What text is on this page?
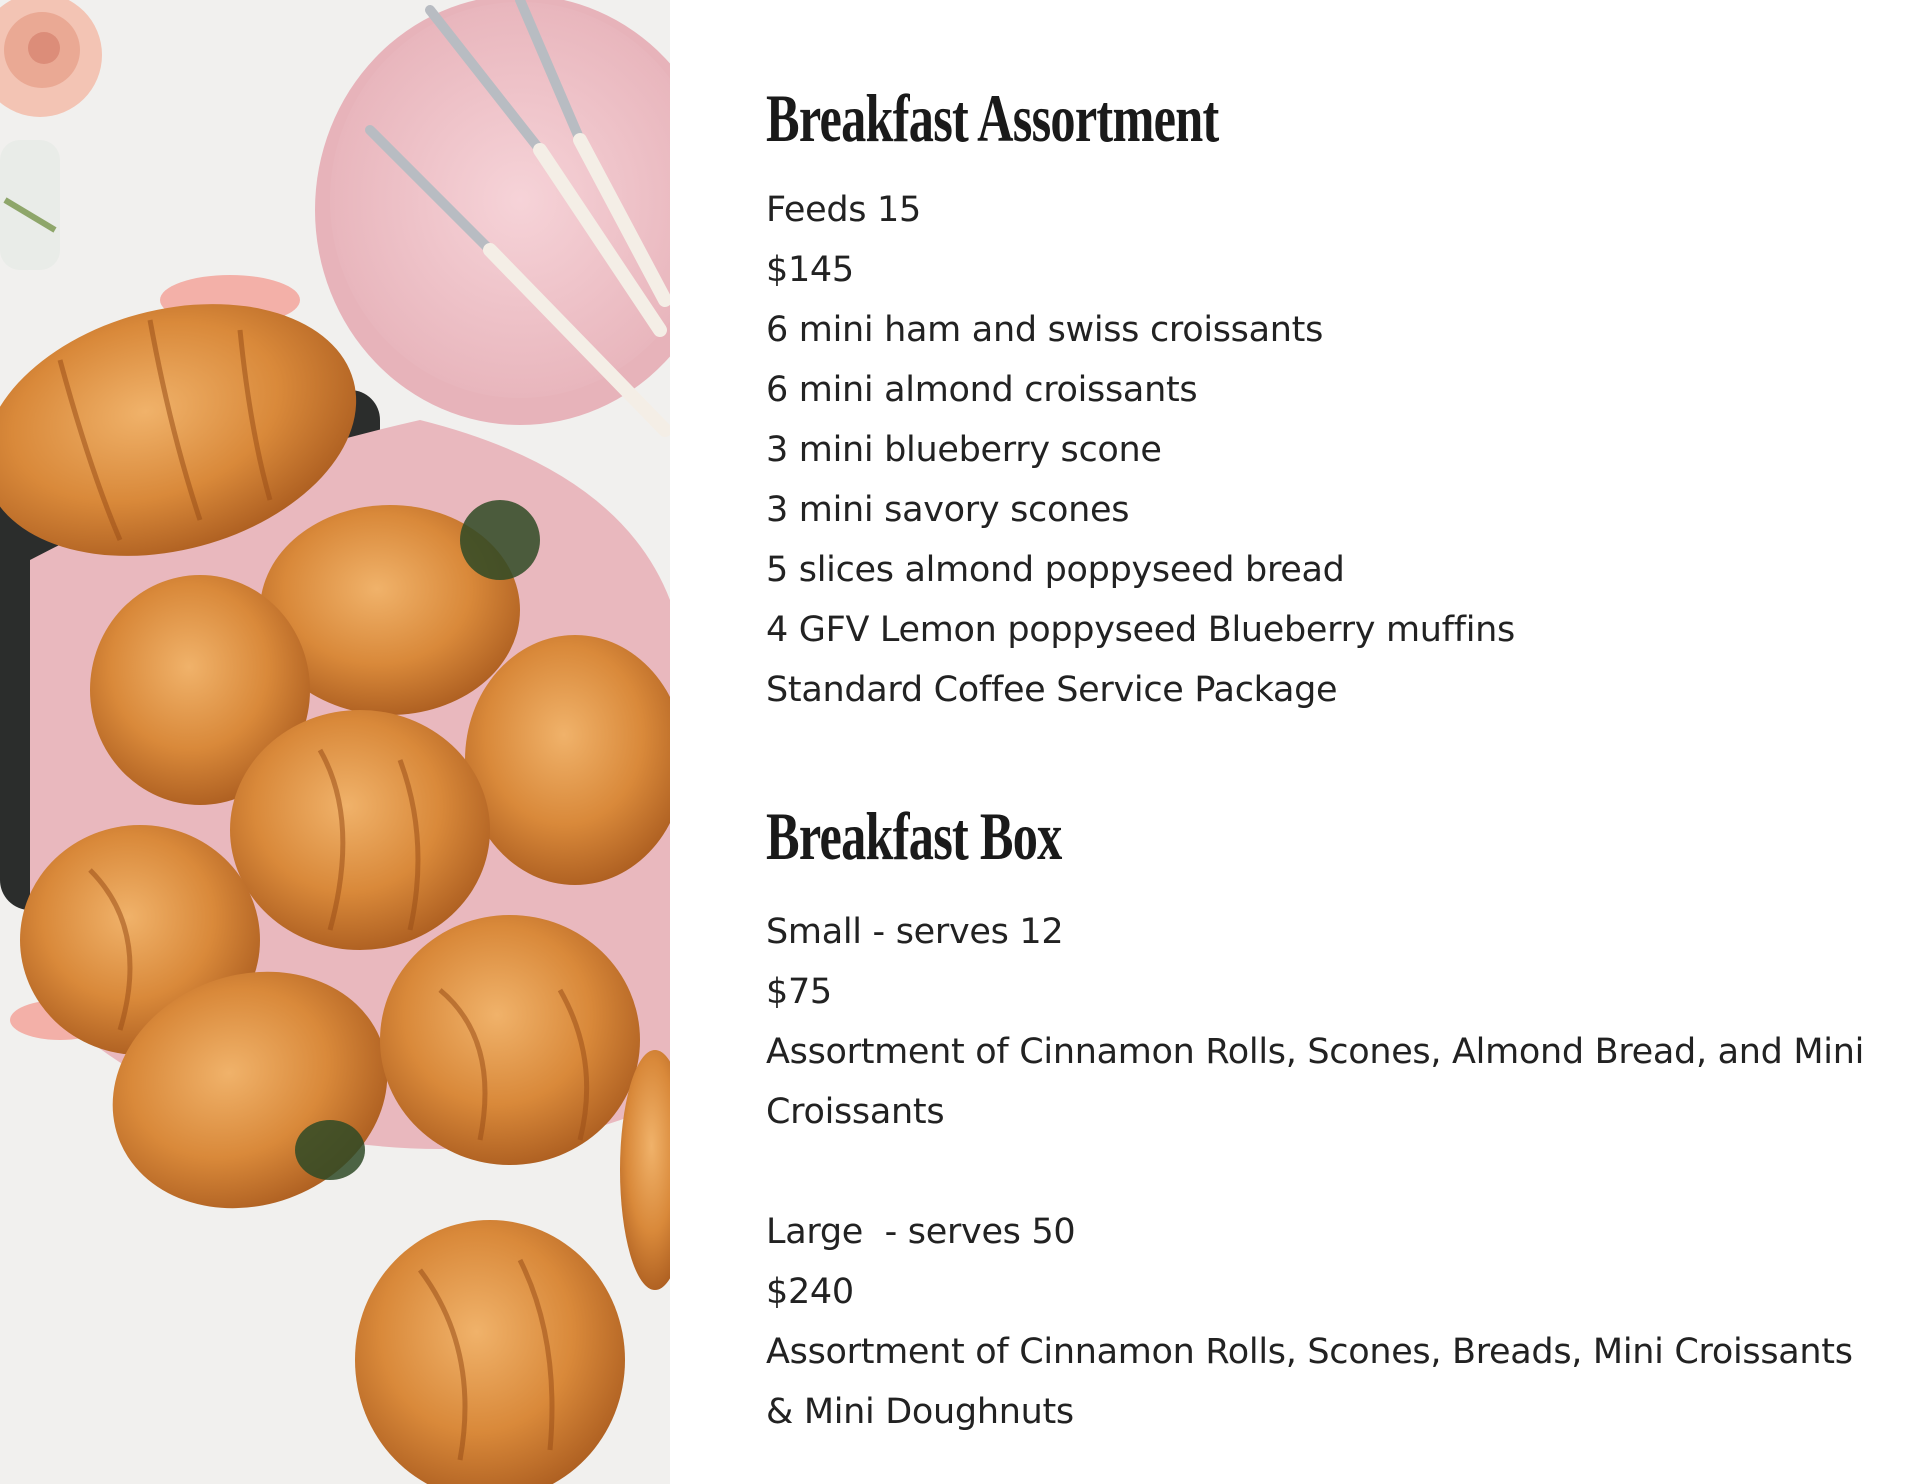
Breakfast Assortment
Feeds 15
$145
6 mini ham and swiss croissants
6 mini almond croissants
3 mini blueberry scone
3 mini savory scones
5 slices almond poppyseed bread
4 GFV Lemon poppyseed Blueberry muffins
Standard Coffee Service Package
Breakfast Box
Small - serves 12
$75
Assortment of Cinnamon Rolls, Scones, Almond Bread, and Mini Croissants
Large  - serves 50
$240
Assortment of Cinnamon Rolls, Scones, Breads, Mini Croissants & Mini Doughnuts
